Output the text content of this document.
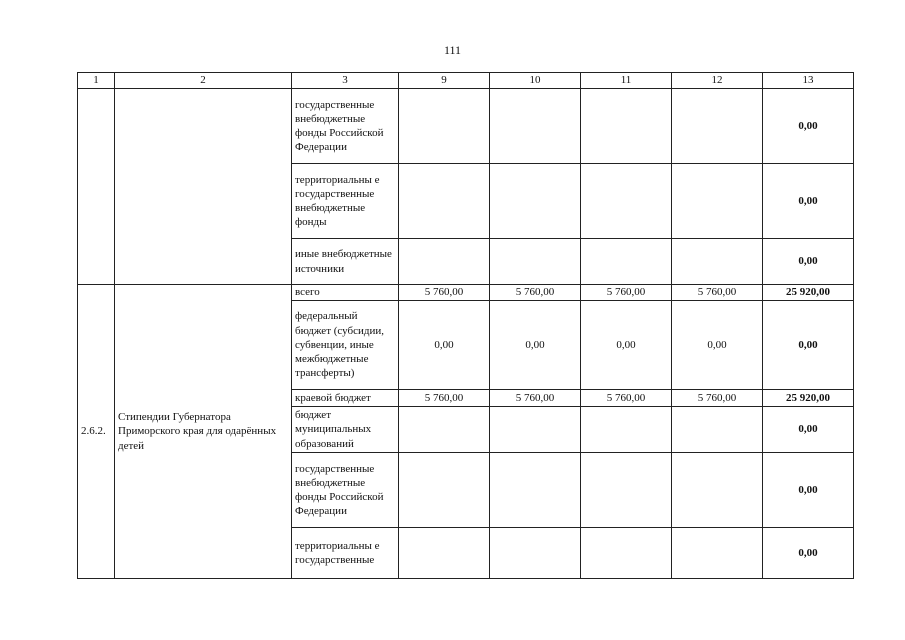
111
1	2	3	9	10	11	12	13
		государственные внебюджетные фонды Российской Федерации					0,00
		территориальны е государственные внебюджетные фонды					0,00
		иные внебюджетные источники					0,00
2.6.2.	Стипендии Губернатора Приморского края для одарённых детей	всего	5 760,00	5 760,00	5 760,00	5 760,00	25 920,00
		федеральный бюджет (субсидии, субвенции, иные межбюджетные трансферты)	0,00	0,00	0,00	0,00	0,00
		краевой бюджет	5 760,00	5 760,00	5 760,00	5 760,00	25 920,00
		бюджет муниципальных образований					0,00
		государственные внебюджетные фонды Российской Федерации					0,00
		территориальны е государственные					0,00
